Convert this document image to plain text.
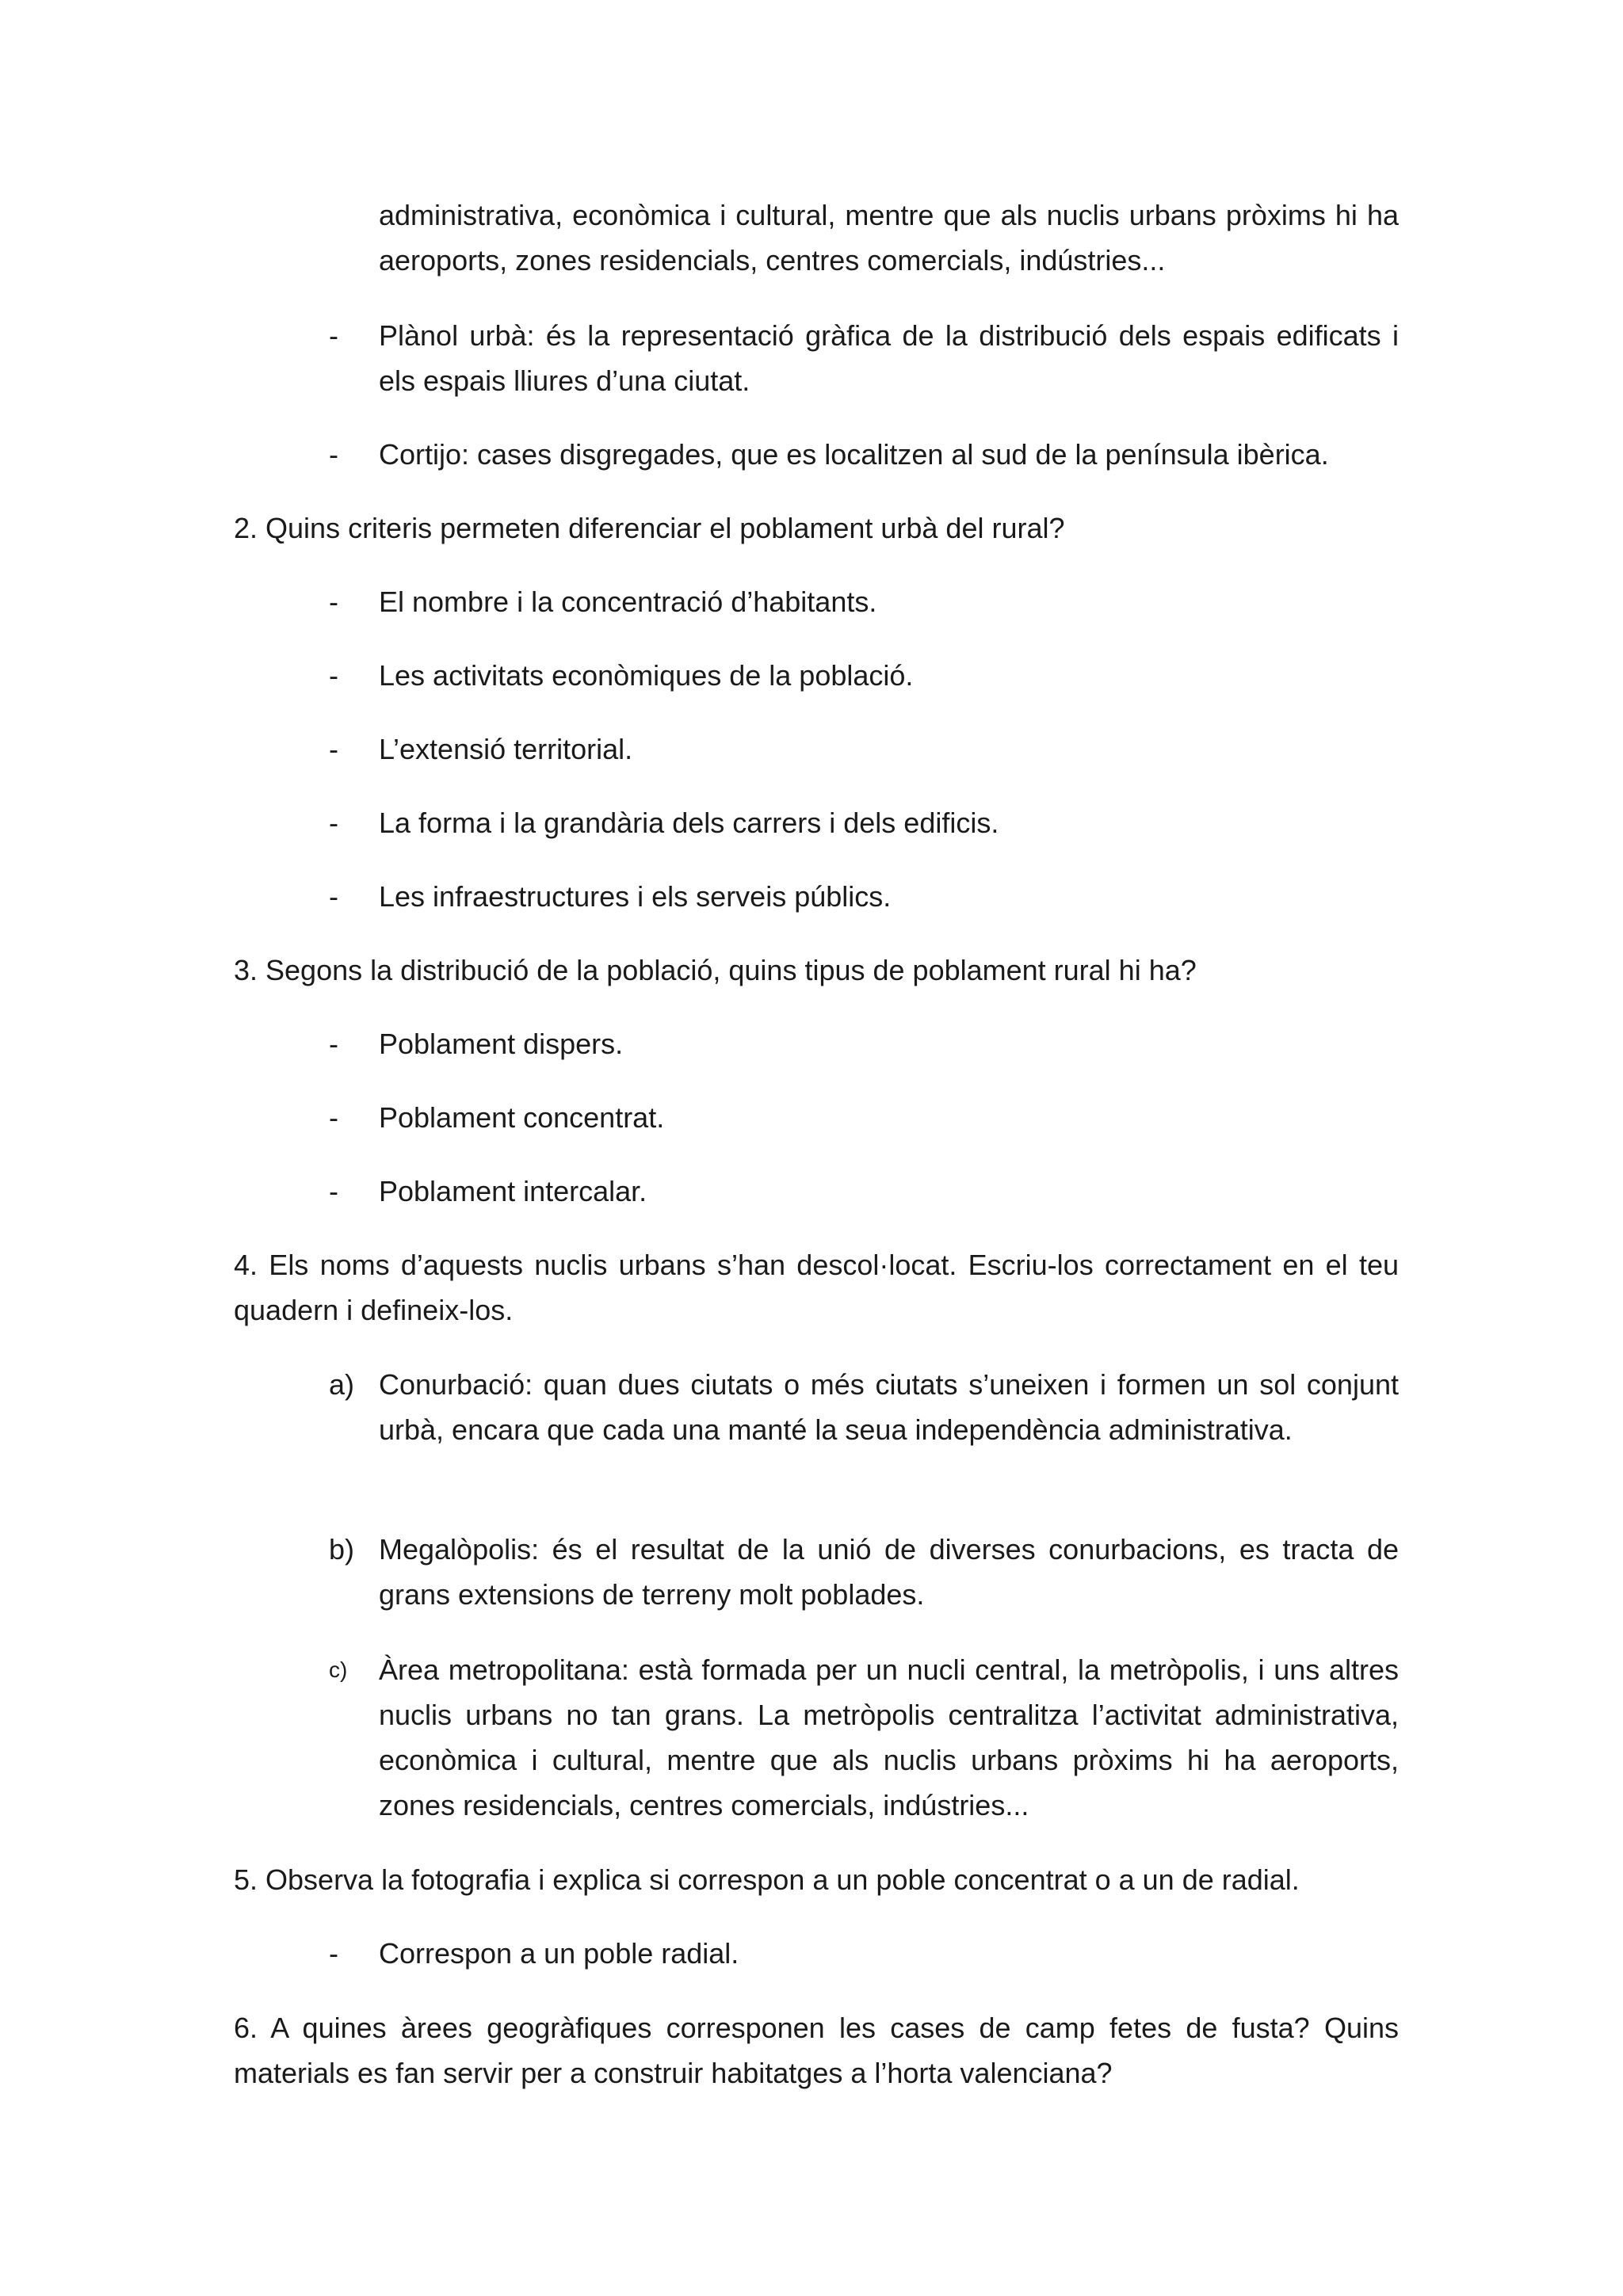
administrativa, econòmica i cultural, mentre que als nuclis urbans pròxims hi ha aeroports, zones residencials, centres comercials, indústries...

-	Plànol urbà: és la representació gràfica de la distribució dels espais edificats i els espais lliures d’una ciutat.

-	Cortijo: cases disgregades, que es localitzen al sud de la península ibèrica.

2. Quins criteris permeten diferenciar el poblament urbà del rural?

-	El nombre i la concentració d’habitants.

-	Les activitats econòmiques de la població.

-	L’extensió territorial.

-	La forma i la grandària dels carrers i dels edificis.

-	Les infraestructures i els serveis públics.

3. Segons la distribució de la població, quins tipus de poblament rural hi ha?

-	Poblament dispers.

-	Poblament concentrat.

-	Poblament intercalar.

4. Els noms d’aquests nuclis urbans s’han descol·locat. Escriu-los correctament en el teu quadern i defineix-los.

a) Conurbació: quan dues ciutats o més ciutats s’uneixen i formen un sol conjunt urbà, encara que cada una manté la seua independència administrativa.

b) Megalòpolis: és el resultat de la unió de diverses conurbacions, es tracta de grans extensions de terreny molt poblades.

c)	Àrea metropolitana: està formada per un nucli central, la metròpolis, i uns altres nuclis urbans no tan grans. La metròpolis centralitza l’activitat administrativa, econòmica i cultural, mentre que als nuclis urbans pròxims hi ha aeroports, zones residencials, centres comercials, indústries...

5. Observa la fotografia i explica si correspon a un poble concentrat o a un de radial.

-	Correspon a un poble radial.

6. A quines àrees geogràfiques corresponen les cases de camp fetes de fusta? Quins materials es fan servir per a construir habitatges a l’horta valenciana?
